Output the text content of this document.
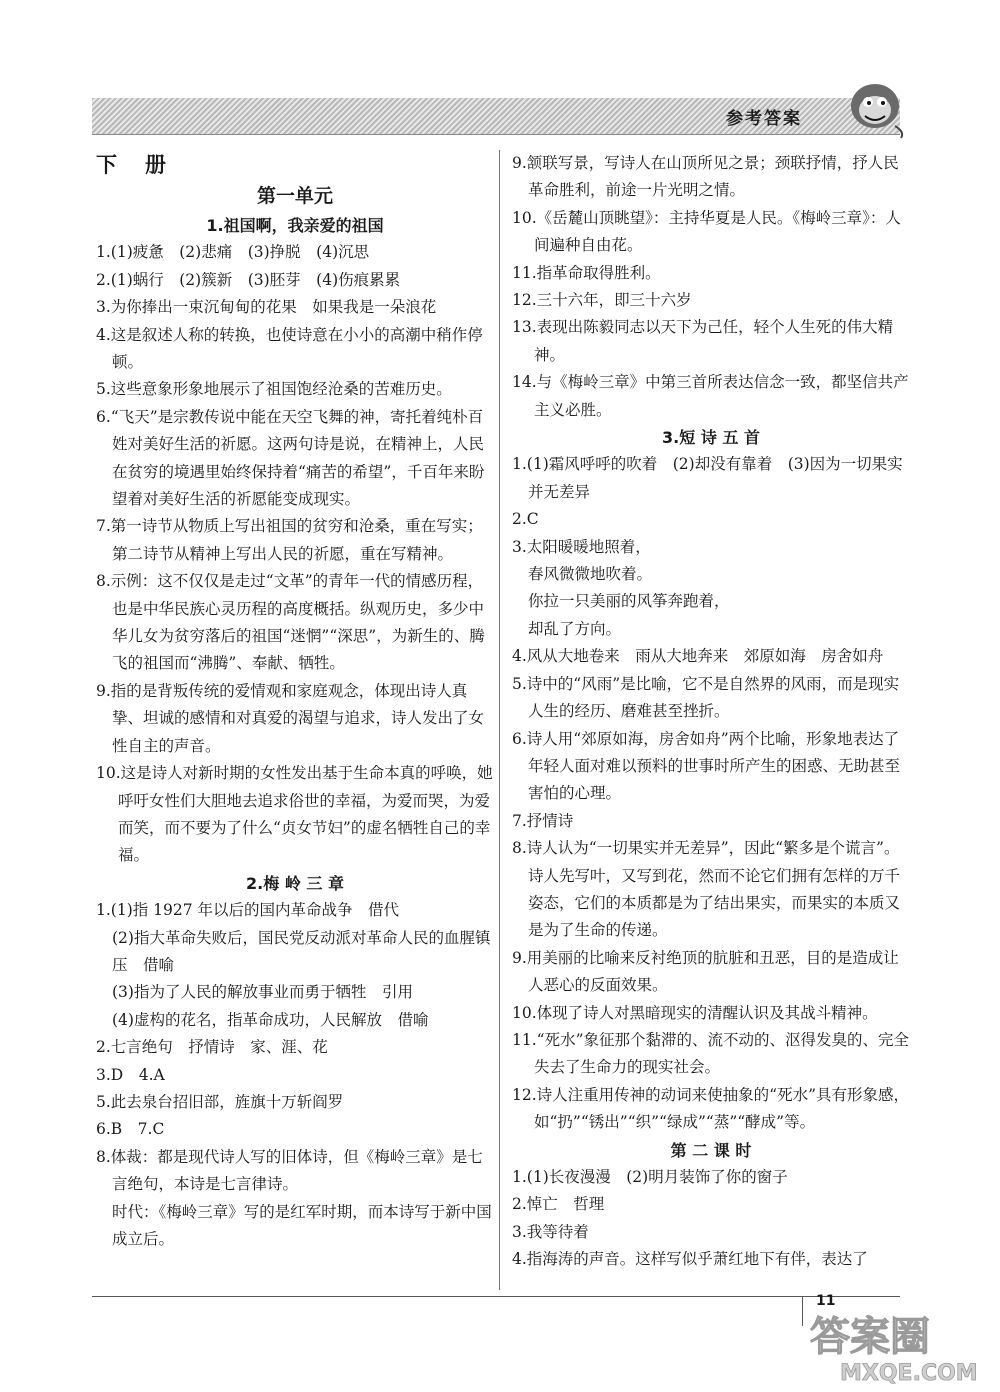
参考答案
下册
第一单元
1.祖国啊，我亲爱的祖国
1.(1)疲惫　(2)悲痛　(3)挣脱　(4)沉思
2.(1)蜗行　(2)簇新　(3)胚芽　(4)伤痕累累
3.为你捧出一束沉甸甸的花果　如果我是一朵浪花
4.这是叙述人称的转换，也使诗意在小小的高潮中稍作停顿。
5.这些意象形象地展示了祖国饱经沧桑的苦难历史。
6.“飞天”是宗教传说中能在天空飞舞的神，寄托着纯朴百姓对美好生活的祈愿。这两句诗是说，在精神上，人民在贫穷的境遇里始终保持着“痛苦的希望”，千百年来盼望着对美好生活的祈愿能变成现实。
7.第一诗节从物质上写出祖国的贫穷和沧桑，重在写实；第二诗节从精神上写出人民的祈愿，重在写精神。
8.示例：这不仅仅是走过“文革”的青年一代的情感历程，也是中华民族心灵历程的高度概括。纵观历史，多少中华儿女为贫穷落后的祖国“迷惘”“深思”，为新生的、腾飞的祖国而“沸腾”、奉献、牺牲。
9.指的是背叛传统的爱情观和家庭观念，体现出诗人真挚、坦诚的感情和对真爱的渴望与追求，诗人发出了女性自主的声音。
10.这是诗人对新时期的女性发出基于生命本真的呼唤，她呼吁女性们大胆地去追求俗世的幸福，为爱而哭，为爱而笑，而不要为了什么“贞女节妇”的虚名牺牲自己的幸福。
2.梅 岭 三 章
1.(1)指 1927 年以后的国内革命战争　借代
(2)指大革命失败后，国民党反动派对革命人民的血腥镇压　借喻
(3)指为了人民的解放事业而勇于牺牲　引用
(4)虚构的花名，指革命成功，人民解放　借喻
2.七言绝句　抒情诗　家、涯、花
3.D　4.A
5.此去泉台招旧部，旌旗十万斩阎罗
6.B　7.C
8.体裁：都是现代诗人写的旧体诗，但《梅岭三章》是七言绝句，本诗是七言律诗。
时代：《梅岭三章》写的是红军时期，而本诗写于新中国成立后。
9.颔联写景，写诗人在山顶所见之景；颈联抒情，抒人民革命胜利，前途一片光明之情。
10.《岳麓山顶眺望》：主持华夏是人民。《梅岭三章》：人间遍种自由花。
11.指革命取得胜利。
12.三十六年，即三十六岁
13.表现出陈毅同志以天下为己任，轻个人生死的伟大精神。
14.与《梅岭三章》中第三首所表达信念一致，都坚信共产主义必胜。
3.短 诗 五 首
1.(1)霜风呼呼的吹着　(2)却没有靠着　(3)因为一切果实并无差异
2.C
3.太阳暖暖地照着，
春风微微地吹着。
你拉一只美丽的风筝奔跑着，
却乱了方向。
4.风从大地卷来　雨从大地奔来　郊原如海　房舍如舟
5.诗中的“风雨”是比喻，它不是自然界的风雨，而是现实人生的经历、磨难甚至挫折。
6.诗人用“郊原如海，房舍如舟”两个比喻，形象地表达了年轻人面对难以预料的世事时所产生的困惑、无助甚至害怕的心理。
7.抒情诗
8.诗人认为“一切果实并无差异”，因此“繁多是个谎言”。诗人先写叶，又写到花，然而不论它们拥有怎样的万千姿态，它们的本质都是为了结出果实，而果实的本质又是为了生命的传递。
9.用美丽的比喻来反衬绝顶的肮脏和丑恶，目的是造成让人恶心的反面效果。
10.体现了诗人对黑暗现实的清醒认识及其战斗精神。
11.“死水”象征那个黏滞的、流不动的、沤得发臭的、完全失去了生命力的现实社会。
12.诗人注重用传神的动词来使抽象的“死水”具有形象感，如“扔”“锈出”“织”“绿成”“蒸”“酵成”等。
第 二 课 时
1.(1)长夜漫漫　(2)明月装饰了你的窗子
2.悼亡　哲理
3.我等待着
4.指海涛的声音。这样写似乎萧红地下有伴，表达了
11
答案圈
MXQE.COM
